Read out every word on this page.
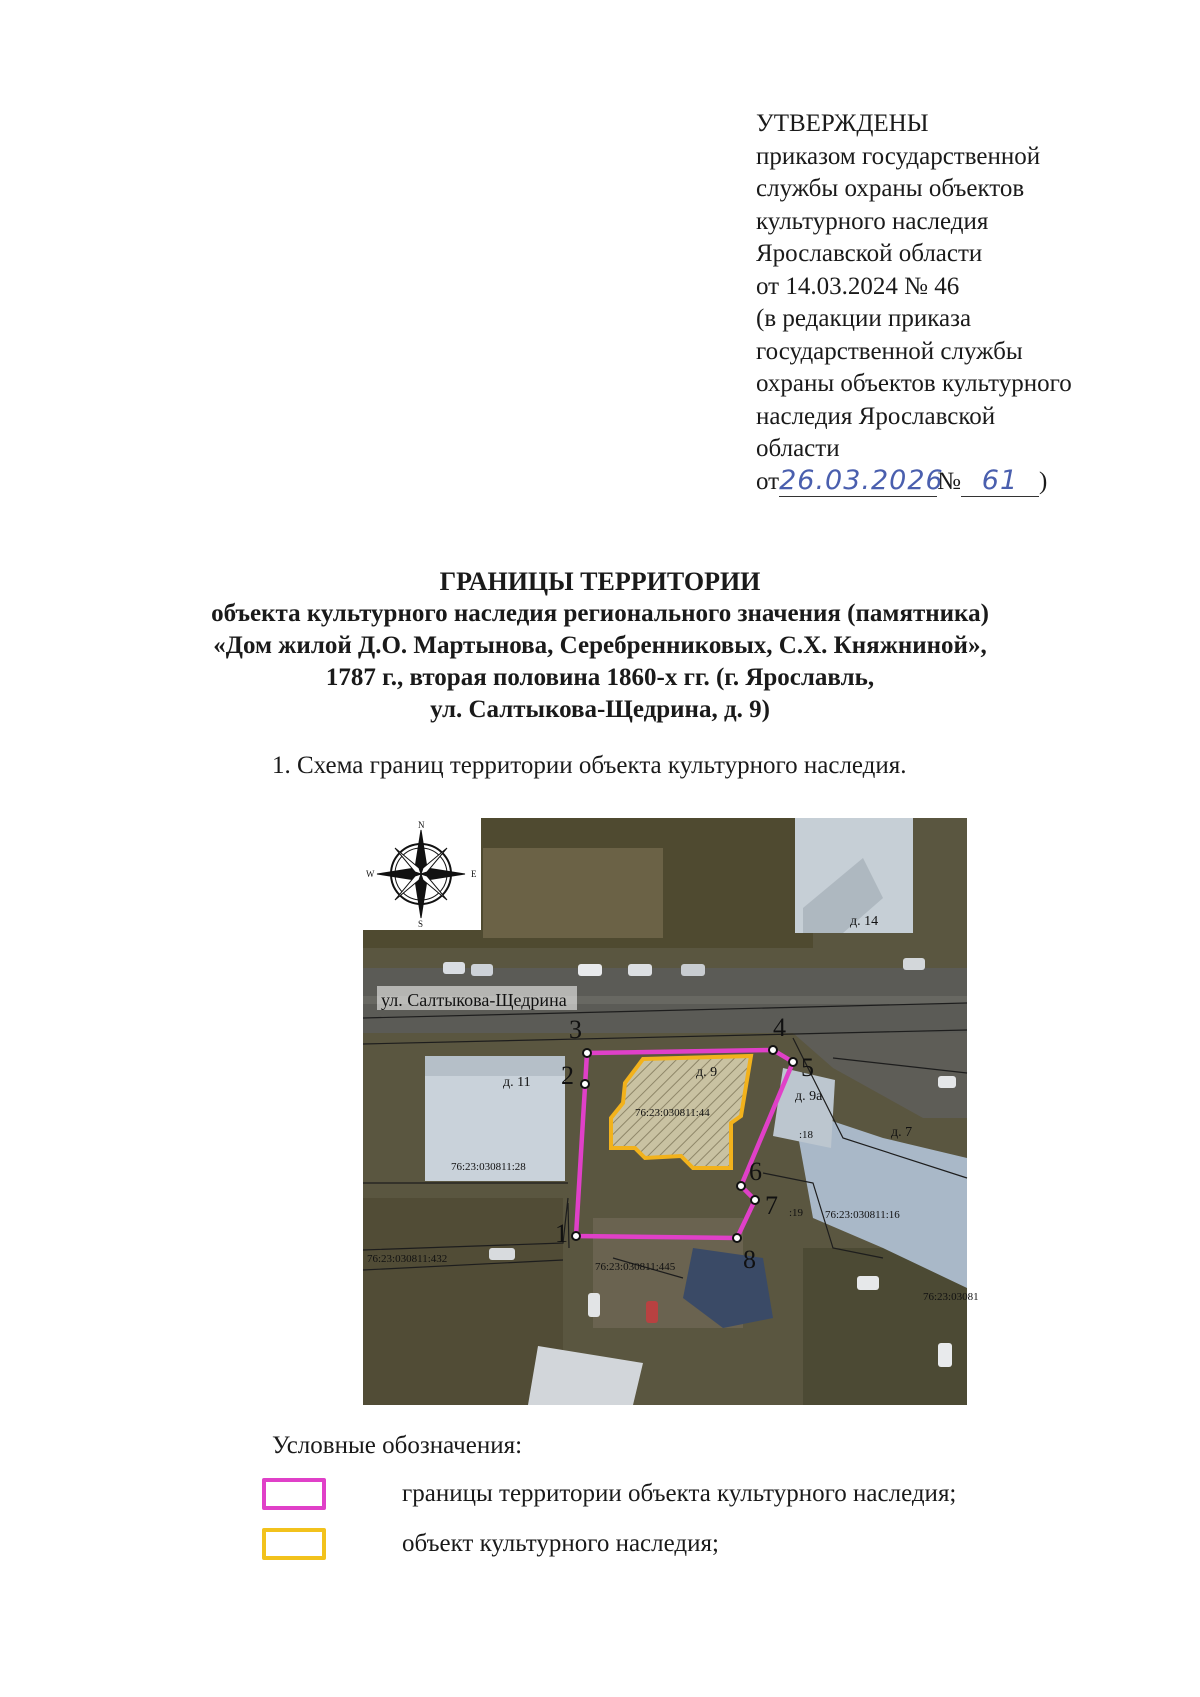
УТВЕРЖДЕНЫ
приказом государственной
службы охраны объектов
культурного наследия
Ярославской области
от 14.03.2024 № 46
(в редакции приказа
государственной службы
охраны объектов культурного
наследия Ярославской
области
от26.03.2026№ 61 )
ГРАНИЦЫ ТЕРРИТОРИИ
объекта культурного наследия регионального значения (памятника)
«Дом жилой Д.О. Мартынова, Серебренниковых, С.Х. Княжниной»,
1787 г., вторая половина 1860-х гг. (г. Ярославль,
ул. Салтыкова-Щедрина, д. 9)
1. Схема границ территории объекта культурного наследия.
1
2
3	4
5
6
7
8
ул. Салтыкова-Щедрина
д. 14
д. 11
д. 9
д. 9а
д. 7
76:23:030811:28
76:23:030811:44
76:23:030811:445
76:23:030811:16
76:23:030811:432
76:23:03081
:18
:19
N
S
E
W
Условные обозначения:
границы территории объекта культурного наследия;
объект культурного наследия;
